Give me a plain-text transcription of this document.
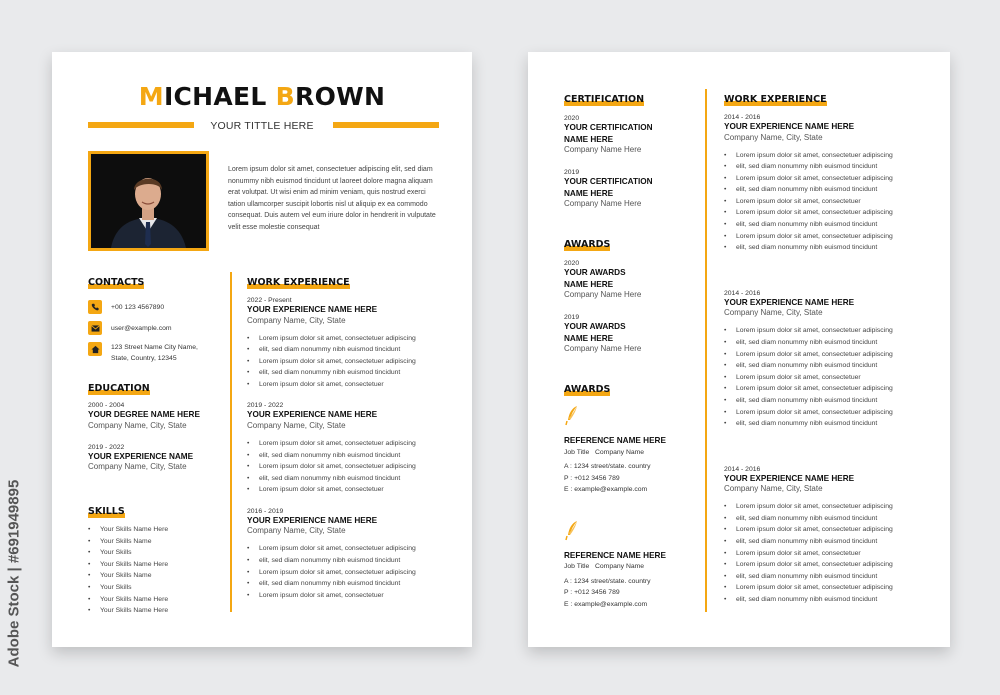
Adobe Stock | #691949895
MICHAEL BROWN
YOUR TITTLE HERE
Lorem ipsum dolor sit amet, consectetuer adipiscing elit, sed diam nonummy nibh euismod tincidunt ut laoreet dolore magna aliquam erat volutpat. Ut wisi enim ad minim veniam, quis nostrud exerci tation ullamcorper suscipit lobortis nisl ut aliquip ex ea commodo consequat. Duis autem vel eum iriure dolor in hendrerit in vulputate velit esse molestie consequat
CONTACTS
+00 123 4567890
user@example.com
123 Street Name City Name,
State, Country, 12345
EDUCATION
2000 - 2004
YOUR DEGREE NAME HERE
Company Name, City, State
2019 - 2022
YOUR EXPERIENCE NAME
Company Name, City, State
SKILLS
• Your Skills Name Here
• Your Skills Name
• Your Skills
• Your Skills Name Here
• Your Skills Name
• Your Skills
• Your Skills Name Here
• Your Skills Name Here
WORK EXPERIENCE
2022 - Present
YOUR EXPERIENCE NAME HERE
Company Name, City, State
• Lorem ipsum dolor sit amet, consectetuer adipiscing
• elit, sed diam nonummy nibh euismod tincidunt
• Lorem ipsum dolor sit amet, consectetuer adipiscing
• elit, sed diam nonummy nibh euismod tincidunt
• Lorem ipsum dolor sit amet, consectetuer
2019 - 2022
YOUR EXPERIENCE NAME HERE
Company Name, City, State
• Lorem ipsum dolor sit amet, consectetuer adipiscing
• elit, sed diam nonummy nibh euismod tincidunt
• Lorem ipsum dolor sit amet, consectetuer adipiscing
• elit, sed diam nonummy nibh euismod tincidunt
• Lorem ipsum dolor sit amet, consectetuer
2016 - 2019
YOUR EXPERIENCE NAME HERE
Company Name, City, State
• Lorem ipsum dolor sit amet, consectetuer adipiscing
• elit, sed diam nonummy nibh euismod tincidunt
• Lorem ipsum dolor sit amet, consectetuer adipiscing
• elit, sed diam nonummy nibh euismod tincidunt
• Lorem ipsum dolor sit amet, consectetuer
CERTIFICATION
2020
YOUR CERTIFICATION
NAME HERE
Company Name Here
2019
YOUR CERTIFICATION
NAME HERE
Company Name Here
AWARDS
2020
YOUR AWARDS
NAME HERE
Company Name Here
2019
YOUR AWARDS
NAME HERE
Company Name Here
AWARDS
REFERENCE NAME HERE
Job Title Company Name
A : 1234 street/state. country
P : +012 3456 789
E : example@example.com
REFERENCE NAME HERE
Job Title Company Name
A : 1234 street/state. country
P : +012 3456 789
E : example@example.com
WORK EXPERIENCE
2014 - 2016
YOUR EXPERIENCE NAME HERE
Company Name, City, State
• Lorem ipsum dolor sit amet, consectetuer adipiscing
• elit, sed diam nonummy nibh euismod tincidunt
• Lorem ipsum dolor sit amet, consectetuer adipiscing
• elit, sed diam nonummy nibh euismod tincidunt
• Lorem ipsum dolor sit amet, consectetuer
• Lorem ipsum dolor sit amet, consectetuer adipiscing
• elit, sed diam nonummy nibh euismod tincidunt
• Lorem ipsum dolor sit amet, consectetuer adipiscing
• elit, sed diam nonummy nibh euismod tincidunt
2014 - 2016
YOUR EXPERIENCE NAME HERE
Company Name, City, State
• Lorem ipsum dolor sit amet, consectetuer adipiscing
• elit, sed diam nonummy nibh euismod tincidunt
• Lorem ipsum dolor sit amet, consectetuer adipiscing
• elit, sed diam nonummy nibh euismod tincidunt
• Lorem ipsum dolor sit amet, consectetuer
• Lorem ipsum dolor sit amet, consectetuer adipiscing
• elit, sed diam nonummy nibh euismod tincidunt
• Lorem ipsum dolor sit amet, consectetuer adipiscing
• elit, sed diam nonummy nibh euismod tincidunt
2014 - 2016
YOUR EXPERIENCE NAME HERE
Company Name, City, State
• Lorem ipsum dolor sit amet, consectetuer adipiscing
• elit, sed diam nonummy nibh euismod tincidunt
• Lorem ipsum dolor sit amet, consectetuer adipiscing
• elit, sed diam nonummy nibh euismod tincidunt
• Lorem ipsum dolor sit amet, consectetuer
• Lorem ipsum dolor sit amet, consectetuer adipiscing
• elit, sed diam nonummy nibh euismod tincidunt
• Lorem ipsum dolor sit amet, consectetuer adipiscing
• elit, sed diam nonummy nibh euismod tincidunt
